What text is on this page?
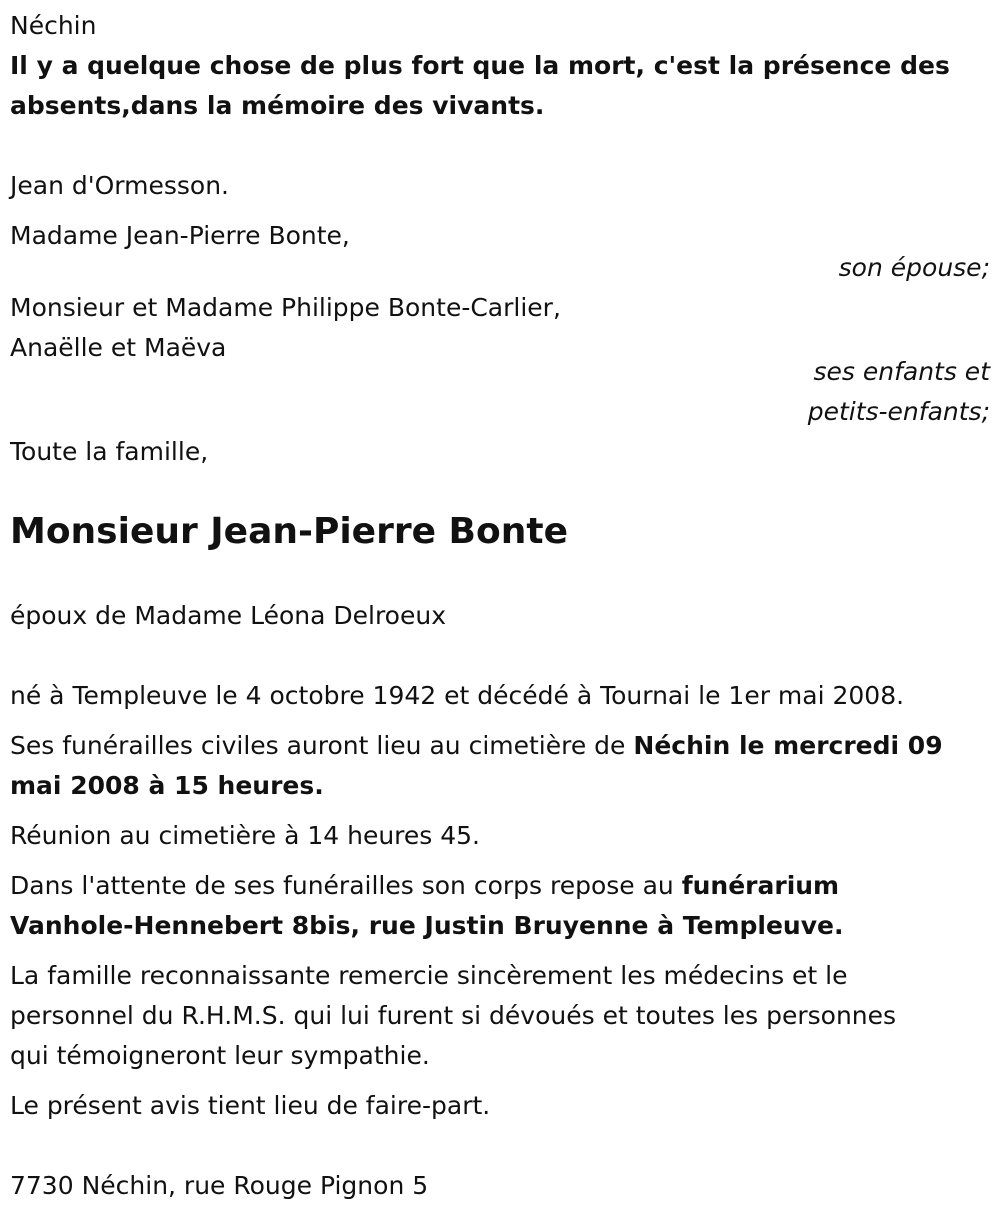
Néchin
Il y a quelque chose de plus fort que la mort, c'est la présence des
absents,dans la mémoire des vivants.
Jean d'Ormesson.
Madame Jean-Pierre Bonte,
son épouse;
Monsieur et Madame Philippe Bonte-Carlier,
Anaëlle et Maëva
ses enfants et
petits-enfants;
Toute la famille,
Monsieur Jean-Pierre Bonte
époux de Madame Léona Delroeux
né à Templeuve le 4 octobre 1942 et décédé à Tournai le 1er mai 2008.
Ses funérailles civiles auront lieu au cimetière de Néchin le mercredi 09
mai 2008 à 15 heures.
Réunion au cimetière à 14 heures 45.
Dans l'attente de ses funérailles son corps repose au funérarium
Vanhole-Hennebert 8bis, rue Justin Bruyenne à Templeuve.
La famille reconnaissante remercie sincèrement les médecins et le
personnel du R.H.M.S. qui lui furent si dévoués et toutes les personnes
qui témoigneront leur sympathie.
Le présent avis tient lieu de faire-part.
7730 Néchin, rue Rouge Pignon 5
